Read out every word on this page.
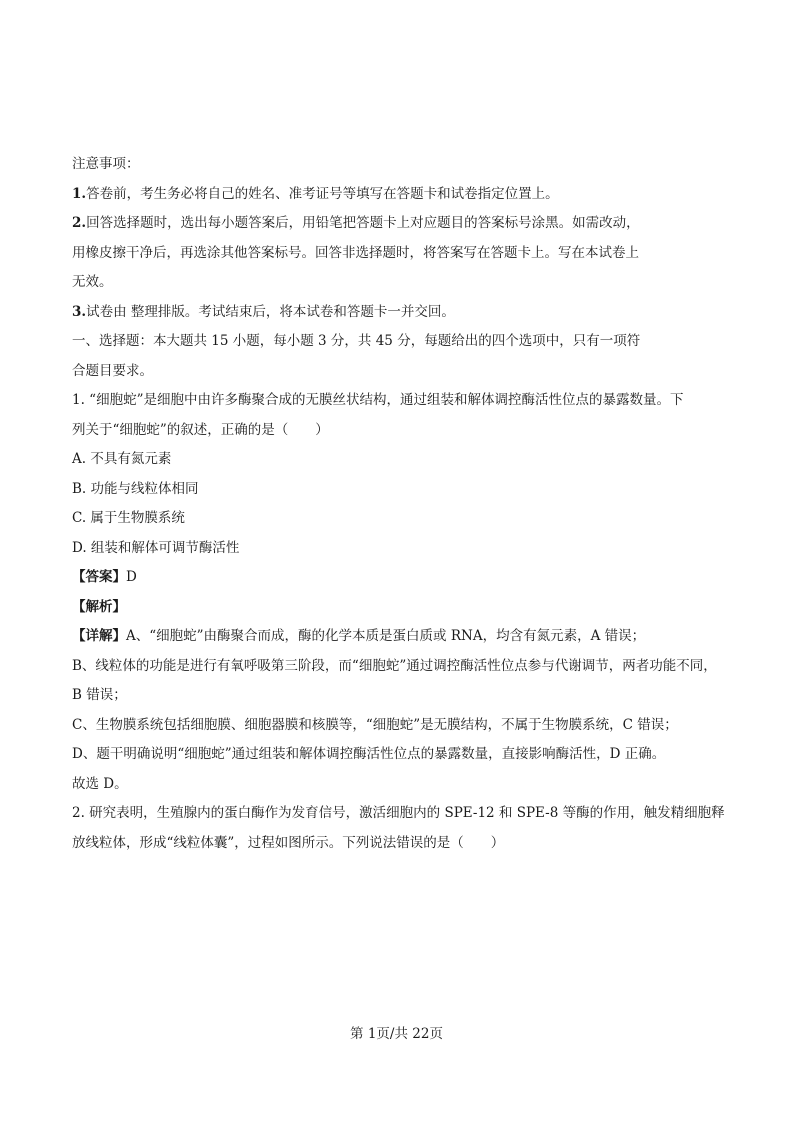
注意事项：
1.答卷前，考生务必将自己的姓名、准考证号等填写在答题卡和试卷指定位置上。
2.回答选择题时，选出每小题答案后，用铅笔把答题卡上对应题目的答案标号涂黑。如需改动，
用橡皮擦干净后，再选涂其他答案标号。回答非选择题时，将答案写在答题卡上。写在本试卷上
无效。
3.试卷由 整理排版。考试结束后，将本试卷和答题卡一并交回。
一、选择题：本大题共 15 小题，每小题 3 分，共 45 分，每题给出的四个选项中，只有一项符
合题目要求。
1. “细胞蛇”是细胞中由许多酶聚合成的无膜丝状结构，通过组装和解体调控酶活性位点的暴露数量。下
列关于“细胞蛇”的叙述，正确的是（　　）
A. 不具有氮元素
B. 功能与线粒体相同
C. 属于生物膜系统
D. 组装和解体可调节酶活性
【答案】D
【解析】
【详解】A、“细胞蛇”由酶聚合而成，酶的化学本质是蛋白质或 RNA，均含有氮元素，A 错误；
B、线粒体的功能是进行有氧呼吸第三阶段，而“细胞蛇”通过调控酶活性位点参与代谢调节，两者功能不同，
B 错误；
C、生物膜系统包括细胞膜、细胞器膜和核膜等，“细胞蛇”是无膜结构，不属于生物膜系统，C 错误；
D、题干明确说明“细胞蛇”通过组装和解体调控酶活性位点的暴露数量，直接影响酶活性，D 正确。
故选 D。
2. 研究表明，生殖腺内的蛋白酶作为发育信号，激活细胞内的 SPE-12 和 SPE-8 等酶的作用，触发精细胞释
放线粒体，形成“线粒体囊”，过程如图所示。下列说法错误的是（　　）
第 1页/共 22页
